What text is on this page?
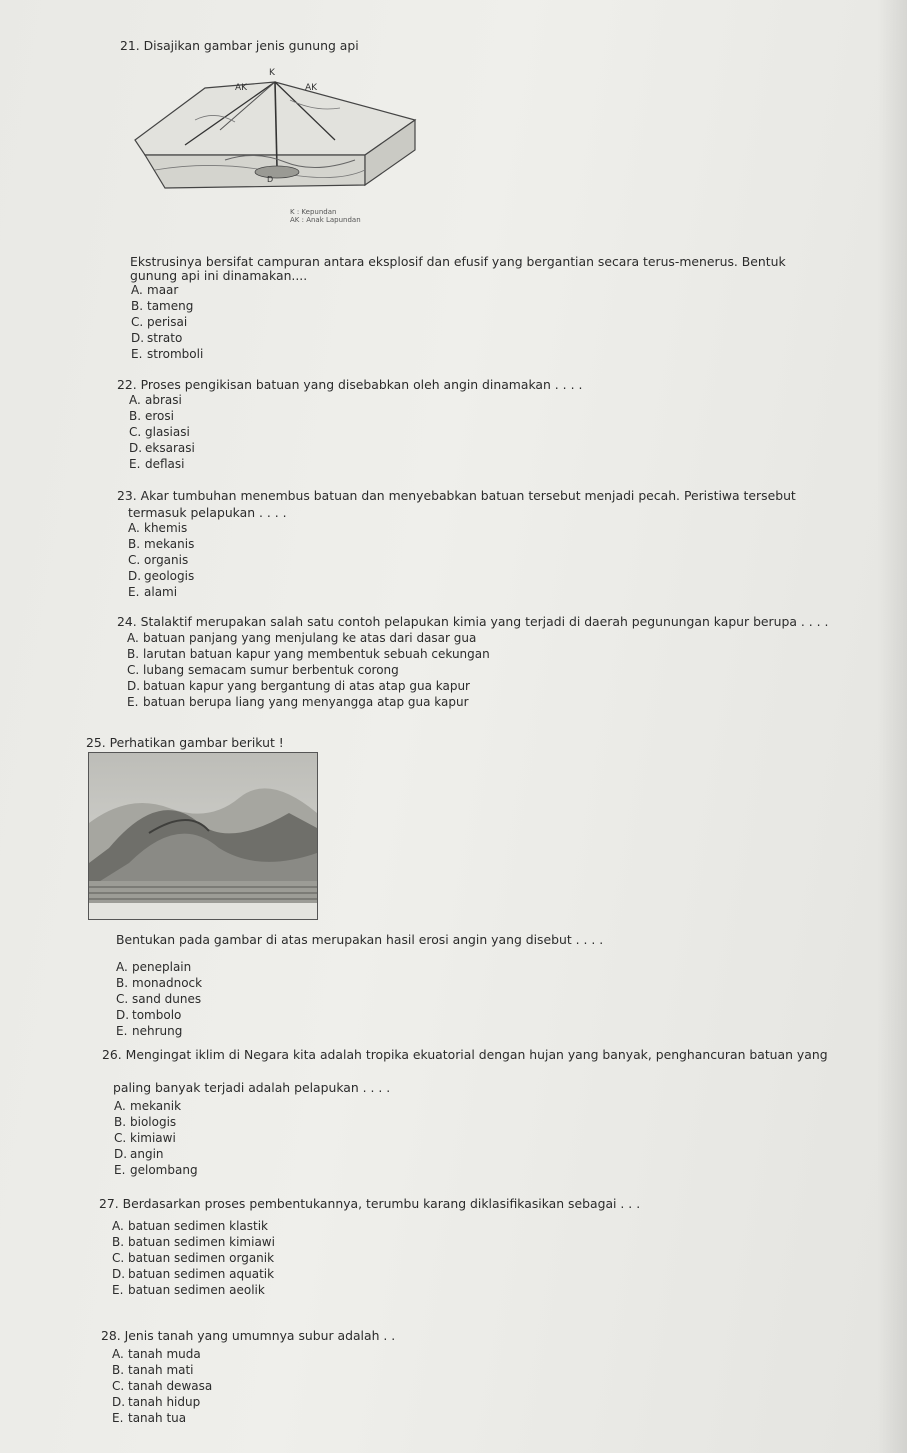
21. Disajikan gambar jenis gunung api
K
AK	AK
D
K : Kepundan
AK : Anak Lapundan
Ekstrusinya bersifat campuran antara eksplosif dan efusif yang bergantian secara terus-menerus. Bentuk
gunung api ini dinamakan....
A. maar
B. tameng
C. perisai
D. strato
E. stromboli
22. Proses pengikisan batuan yang disebabkan oleh angin dinamakan . . . .
A. abrasi
B. erosi
C. glasiasi
D. eksarasi
E. deflasi
23. Akar tumbuhan menembus batuan dan menyebabkan batuan tersebut menjadi pecah. Peristiwa tersebut
termasuk pelapukan . . . .
A. khemis
B. mekanis
C. organis
D. geologis
E. alami
24. Stalaktif merupakan salah satu contoh pelapukan kimia yang terjadi di daerah pegunungan kapur berupa . . . .
A. batuan panjang yang menjulang ke atas dari dasar gua
B. larutan batuan kapur yang membentuk sebuah cekungan
C. lubang semacam sumur berbentuk corong
D. batuan kapur yang bergantung di atas atap gua kapur
E. batuan berupa liang yang menyangga atap gua kapur
25. Perhatikan gambar berikut !
Bentukan pada gambar di atas merupakan hasil erosi angin yang disebut . . . .
A. peneplain
B. monadnock
C. sand dunes
D. tombolo
E. nehrung
26. Mengingat iklim di Negara kita adalah tropika ekuatorial dengan hujan yang banyak, penghancuran batuan yang
paling banyak terjadi adalah pelapukan . . . .
A. mekanik
B. biologis
C. kimiawi
D. angin
E. gelombang
27. Berdasarkan proses pembentukannya, terumbu karang diklasifikasikan sebagai . . .
A. batuan sedimen klastik
B. batuan sedimen kimiawi
C. batuan sedimen organik
D. batuan sedimen aquatik
E. batuan sedimen aeolik
28. Jenis tanah yang umumnya subur adalah . .
A. tanah muda
B. tanah mati
C. tanah dewasa
D. tanah hidup
E. tanah tua
